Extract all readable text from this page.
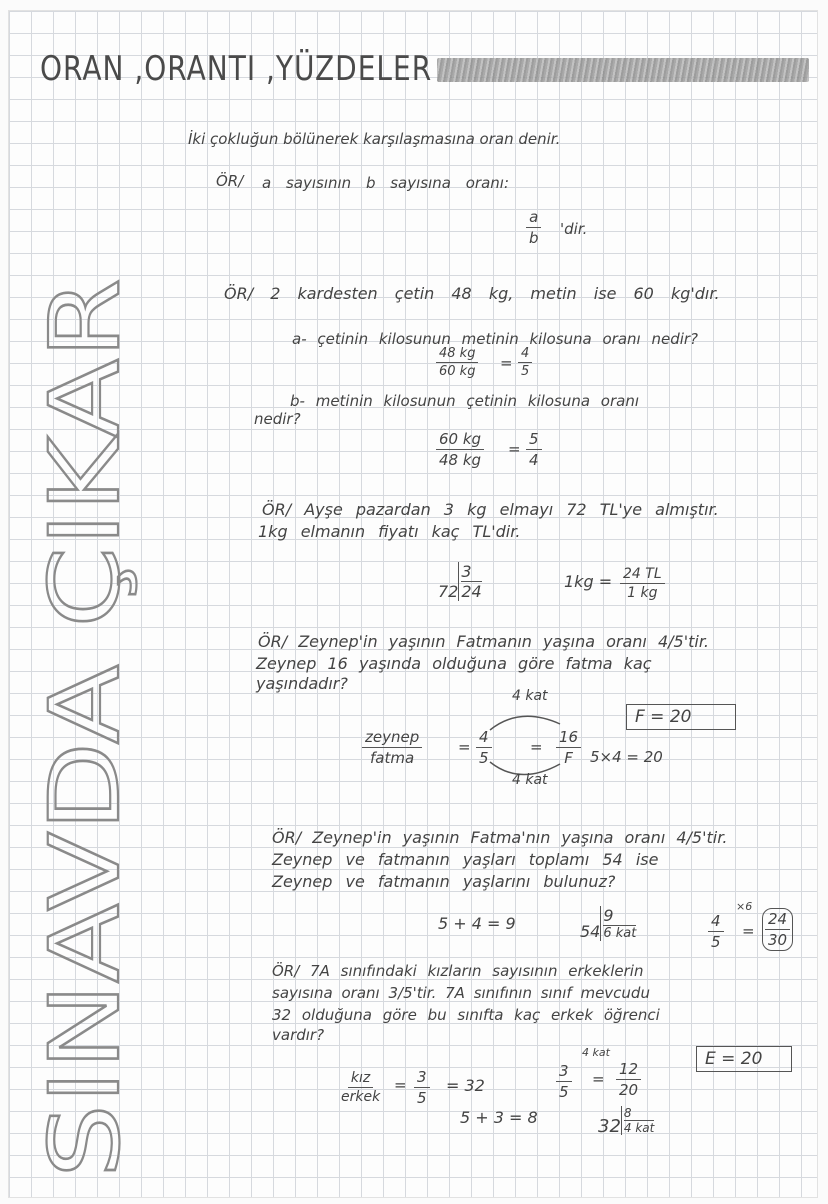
ORAN ,ORANTI ,YÜZDELER
SINAVDA ÇIKAR
İki çokluğun bölünerek karşılaşmasına oran denir.
ÖR/ a sayısının b sayısına oranı:
$\frac{a}{b}$ 'dir.
ÖR/ 2 kardesten çetin 48 kg, metin ise 60 kg'dır.
a- çetinin kilosunun metinin kilosuna oranı nedir?
$\frac{48 kg}{60 kg} = \frac{4}{5}$
b- metinin kilosunun çetinin kilosuna oranı
nedir?
$\frac{60 kg}{48 kg} = \frac{5}{4}$
ÖR/ Ayşe pazardan 3 kg elmayı 72 TL'ye almıştır.
1kg elmanın fiyatı kaç TL'dir.
$72 \frac{3}{24}$	$1kg = \frac{24 TL}{1 kg}$
ÖR/ Zeynep'in yaşının Fatmanın yaşına oranı 4/5'tir.
Zeynep 16 yaşında olduğuna göre fatma kaç
yaşındadır?
4 kat
zeynep
fatma
= $\frac{4}{5}$	= $\frac{16}{F}$
F = 20
5×4 = 20
4 kat
ÖR/ Zeynep'in yaşının Fatma'nın yaşına oranı 4/5'tir.
Zeynep ve fatmanın yaşları toplamı 54 ise
Zeynep ve fatmanın yaşlarını bulunuz?
5 + 4 = 9	54
9
6 kat
×6
$\frac{4}{5} = \frac{24}{30}$
ÖR/ 7A sınıfındaki kızların sayısının erkeklerin
sayısına oranı 3/5'tir. 7A sınıfının sınıf mevcudu
32 olduğuna göre bu sınıfta kaç erkek öğrenci
vardır?
kız
erkek
= $\frac{3}{5} = 32$
5 + 3 = 8
4 kat
$\frac{3}{5} = \frac{12}{20}$
32
8
4 kat
E = 20
